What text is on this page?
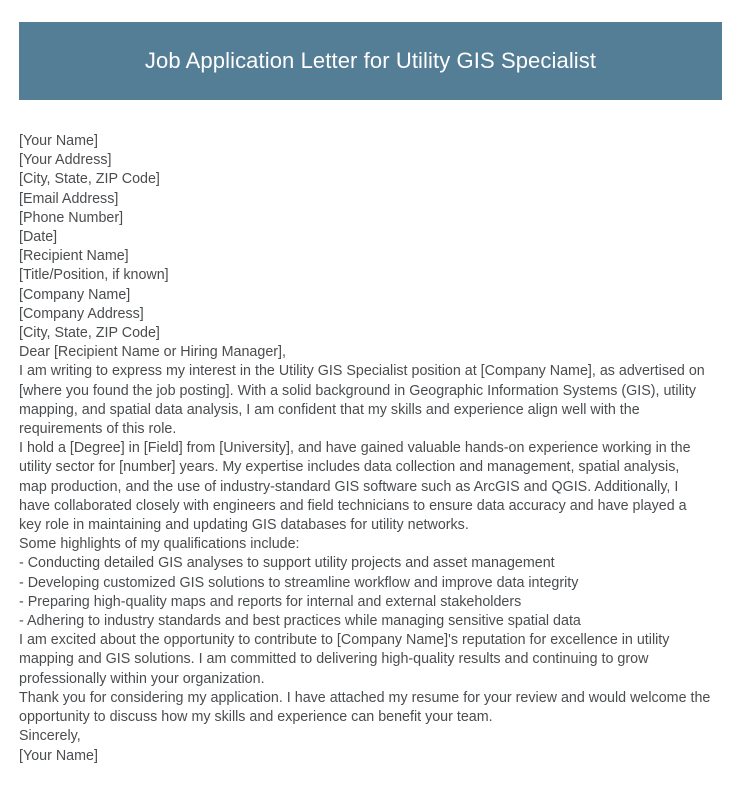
Job Application Letter for Utility GIS Specialist
[Your Name]
[Your Address]
[City, State, ZIP Code]
[Email Address]
[Phone Number]
[Date]
[Recipient Name]
[Title/Position, if known]
[Company Name]
[Company Address]
[City, State, ZIP Code]
Dear [Recipient Name or Hiring Manager],

I am writing to express my interest in the Utility GIS Specialist position at [Company Name], as advertised on [where you found the job posting]. With a solid background in Geographic Information Systems (GIS), utility mapping, and spatial data analysis, I am confident that my skills and experience align well with the requirements of this role.

I hold a [Degree] in [Field] from [University], and have gained valuable hands-on experience working in the utility sector for [number] years. My expertise includes data collection and management, spatial analysis, map production, and the use of industry-standard GIS software such as ArcGIS and QGIS. Additionally, I have collaborated closely with engineers and field technicians to ensure data accuracy and have played a key role in maintaining and updating GIS databases for utility networks.

Some highlights of my qualifications include:
- Conducting detailed GIS analyses to support utility projects and asset management
- Developing customized GIS solutions to streamline workflow and improve data integrity
- Preparing high-quality maps and reports for internal and external stakeholders
- Adhering to industry standards and best practices while managing sensitive spatial data

I am excited about the opportunity to contribute to [Company Name]'s reputation for excellence in utility mapping and GIS solutions. I am committed to delivering high-quality results and continuing to grow professionally within your organization.

Thank you for considering my application. I have attached my resume for your review and would welcome the opportunity to discuss how my skills and experience can benefit your team.

Sincerely,
[Your Name]
